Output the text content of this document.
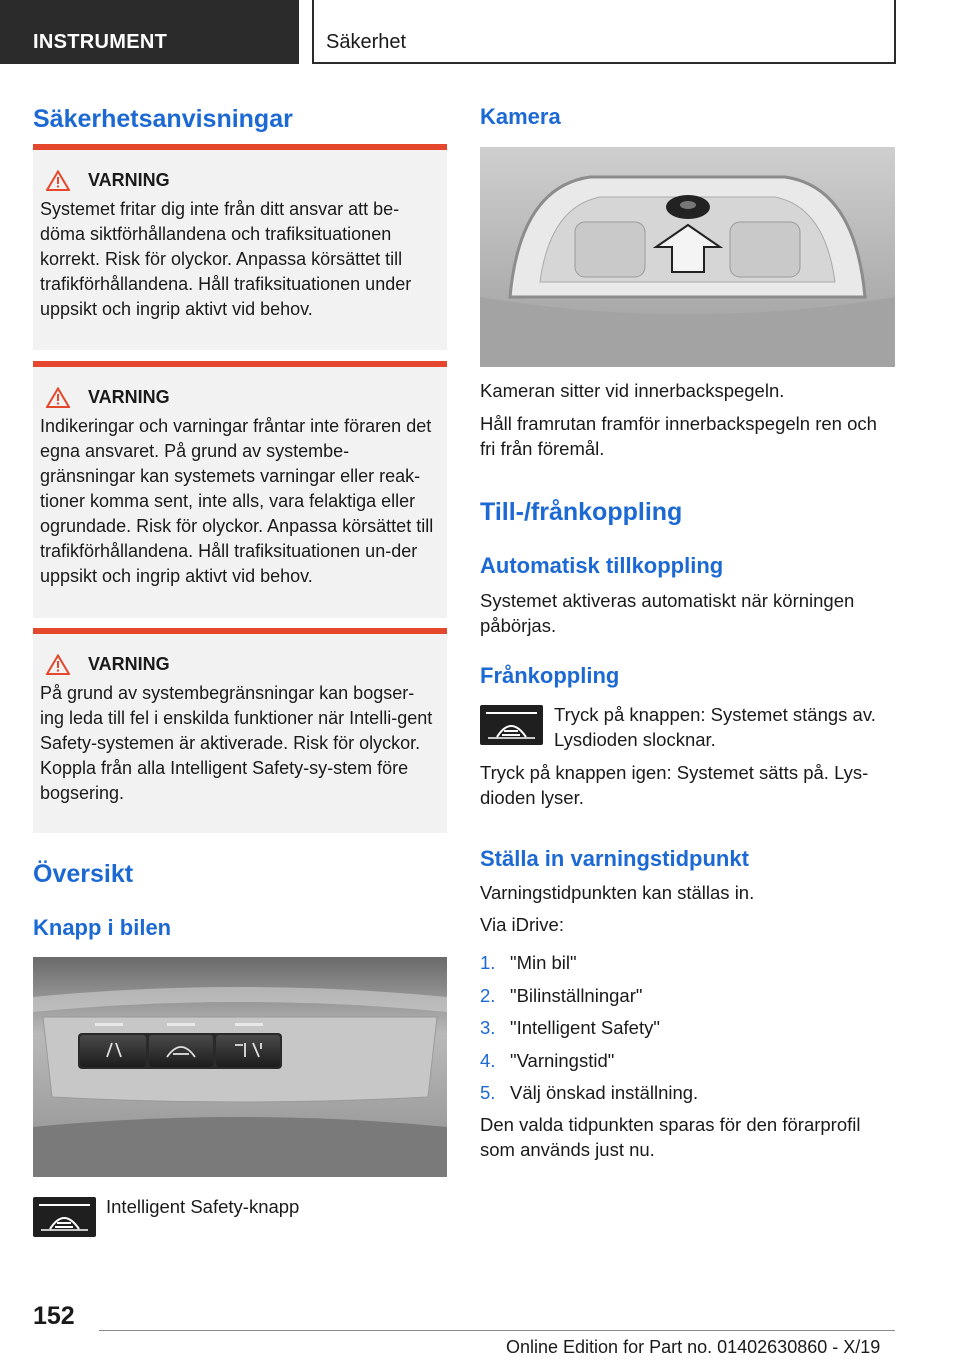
INSTRUMENT	Säkerhet
Säkerhetsanvisningar
VARNING

Systemet fritar dig inte från ditt ansvar att be-döma siktförhållandena och trafiksituationen korrekt. Risk för olyckor. Anpassa körsättet till trafikförhållandena. Håll trafiksituationen under uppsikt och ingrip aktivt vid behov.

VARNING

Indikeringar och varningar fråntar inte föraren det egna ansvaret. På grund av systembe-gränsningar kan systemets varningar eller reak-tioner komma sent, inte alls, vara felaktiga eller ogrundade. Risk för olyckor. Anpassa körsättet till trafikförhållandena. Håll trafiksituationen un-der uppsikt och ingrip aktivt vid behov.

VARNING

På grund av systembegränsningar kan bogser-ing leda till fel i enskilda funktioner när Intelli-gent Safety-systemen är aktiverade. Risk för olyckor. Koppla från alla Intelligent Safety-sy-stem före bogsering.

Översikt
Knapp i bilen
Intelligent Safety-knapp
Kamera
Kameran sitter vid innerbackspegeln.
Håll framrutan framför innerbackspegeln ren och fri från föremål.
Till-/frånkoppling
Automatisk tillkoppling
Systemet aktiveras automatiskt när körningen påbörjas.
Frånkoppling
Tryck på knappen: Systemet stängs av. Lysdioden slocknar.
Tryck på knappen igen: Systemet sätts på. Lys-dioden lyser.
Ställa in varningstidpunkt
Varningstidpunkten kan ställas in.
Via iDrive:
1. "Min bil"
2. "Bilinställningar"
3. "Intelligent Safety"
4. "Varningstid"
5. Välj önskad inställning.
Den valda tidpunkten sparas för den förarprofil som används just nu.
152
Online Edition for Part no. 01402630860 - X/19
